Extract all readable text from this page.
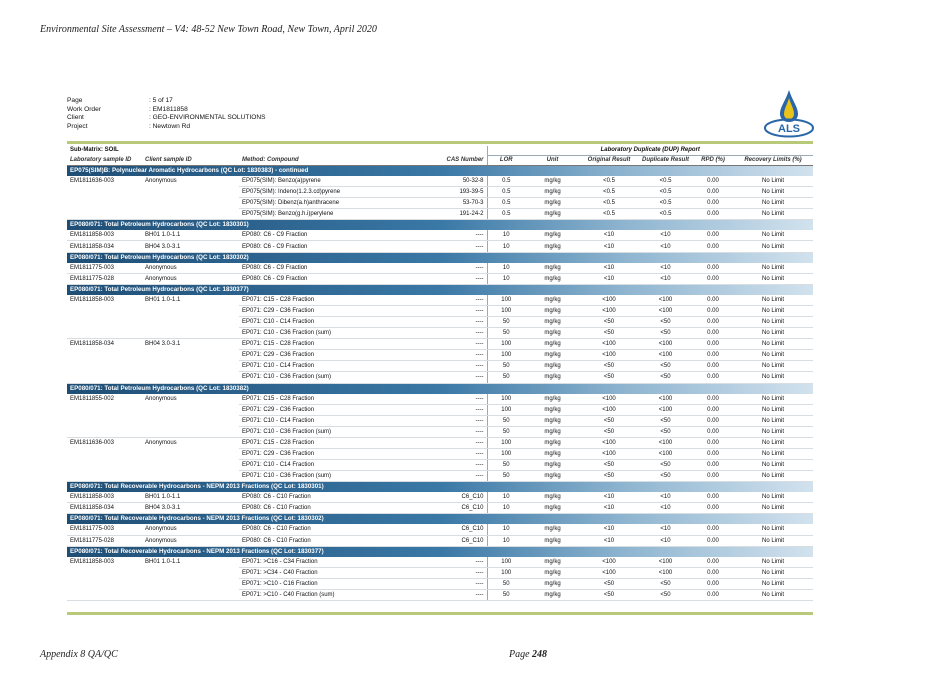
Environmental Site Assessment – V4: 48-52 New Town Road, New Town, April 2020
Page	: 5 of 17
Work Order	: EM1811858
Client	: GEO-ENVIRONMENTAL SOLUTIONS
Project	: Newtown Rd	ALS
Sub-Matrix: SOIL				Laboratory Duplicate (DUP) Report					
Laboratory sample ID	Client sample ID	Method: Compound	CAS Number	LOR	Unit	Original Result	Duplicate Result	RPD (%)	Recovery Limits (%)
EP075(SIM)B: Polynuclear Aromatic Hydrocarbons (QC Lot: 1830383) - continued									
EM1811636-003	Anonymous	EP075(SIM): Benzo(a)pyrene	50-32-8	0.5	mg/kg	<0.5	<0.5	0.00	No Limit
		EP075(SIM): Indeno(1.2.3.cd)pyrene	193-39-5	0.5	mg/kg	<0.5	<0.5	0.00	No Limit
		EP075(SIM): Dibenz(a.h)anthracene	53-70-3	0.5	mg/kg	<0.5	<0.5	0.00	No Limit
		EP075(SIM): Benzo(g.h.i)perylene	191-24-2	0.5	mg/kg	<0.5	<0.5	0.00	No Limit
EP080/071: Total Petroleum Hydrocarbons (QC Lot: 1830301)									
EM1811858-003	BH01 1.0-1.1	EP080: C6 - C9 Fraction	----	10	mg/kg	<10	<10	0.00	No Limit
EM1811858-034	BH04 3.0-3.1	EP080: C6 - C9 Fraction	----	10	mg/kg	<10	<10	0.00	No Limit
EP080/071: Total Petroleum Hydrocarbons (QC Lot: 1830302)									
EM1811775-003	Anonymous	EP080: C6 - C9 Fraction	----	10	mg/kg	<10	<10	0.00	No Limit
EM1811775-028	Anonymous	EP080: C6 - C9 Fraction	----	10	mg/kg	<10	<10	0.00	No Limit
EP080/071: Total Petroleum Hydrocarbons (QC Lot: 1830377)									
EM1811858-003	BH01 1.0-1.1	EP071: C15 - C28 Fraction	----	100	mg/kg	<100	<100	0.00	No Limit
		EP071: C29 - C36 Fraction	----	100	mg/kg	<100	<100	0.00	No Limit
		EP071: C10 - C14 Fraction	----	50	mg/kg	<50	<50	0.00	No Limit
		EP071: C10 - C36 Fraction (sum)	----	50	mg/kg	<50	<50	0.00	No Limit
EM1811858-034	BH04 3.0-3.1	EP071: C15 - C28 Fraction	----	100	mg/kg	<100	<100	0.00	No Limit
		EP071: C29 - C36 Fraction	----	100	mg/kg	<100	<100	0.00	No Limit
		EP071: C10 - C14 Fraction	----	50	mg/kg	<50	<50	0.00	No Limit
		EP071: C10 - C36 Fraction (sum)	----	50	mg/kg	<50	<50	0.00	No Limit
EP080/071: Total Petroleum Hydrocarbons (QC Lot: 1830382)									
EM1811855-002	Anonymous	EP071: C15 - C28 Fraction	----	100	mg/kg	<100	<100	0.00	No Limit
		EP071: C29 - C36 Fraction	----	100	mg/kg	<100	<100	0.00	No Limit
		EP071: C10 - C14 Fraction	----	50	mg/kg	<50	<50	0.00	No Limit
		EP071: C10 - C36 Fraction (sum)	----	50	mg/kg	<50	<50	0.00	No Limit
EM1811636-003	Anonymous	EP071: C15 - C28 Fraction	----	100	mg/kg	<100	<100	0.00	No Limit
		EP071: C29 - C36 Fraction	----	100	mg/kg	<100	<100	0.00	No Limit
		EP071: C10 - C14 Fraction	----	50	mg/kg	<50	<50	0.00	No Limit
		EP071: C10 - C36 Fraction (sum)	----	50	mg/kg	<50	<50	0.00	No Limit
EP080/071: Total Recoverable Hydrocarbons - NEPM 2013 Fractions (QC Lot: 1830301)									
EM1811858-003	BH01 1.0-1.1	EP080: C6 - C10 Fraction	C6_C10	10	mg/kg	<10	<10	0.00	No Limit
EM1811858-034	BH04 3.0-3.1	EP080: C6 - C10 Fraction	C6_C10	10	mg/kg	<10	<10	0.00	No Limit
EP080/071: Total Recoverable Hydrocarbons - NEPM 2013 Fractions (QC Lot: 1830302)									
EM1811775-003	Anonymous	EP080: C6 - C10 Fraction	C6_C10	10	mg/kg	<10	<10	0.00	No Limit
EM1811775-028	Anonymous	EP080: C6 - C10 Fraction	C6_C10	10	mg/kg	<10	<10	0.00	No Limit
EP080/071: Total Recoverable Hydrocarbons - NEPM 2013 Fractions (QC Lot: 1830377)									
EM1811858-003	BH01 1.0-1.1	EP071: >C16 - C34 Fraction	----	100	mg/kg	<100	<100	0.00	No Limit
		EP071: >C34 - C40 Fraction	----	100	mg/kg	<100	<100	0.00	No Limit
		EP071: >C10 - C16 Fraction	----	50	mg/kg	<50	<50	0.00	No Limit
		EP071: >C10 - C40 Fraction (sum)	----	50	mg/kg	<50	<50	0.00	No Limit
Appendix 8 QA/QC	Page 248
